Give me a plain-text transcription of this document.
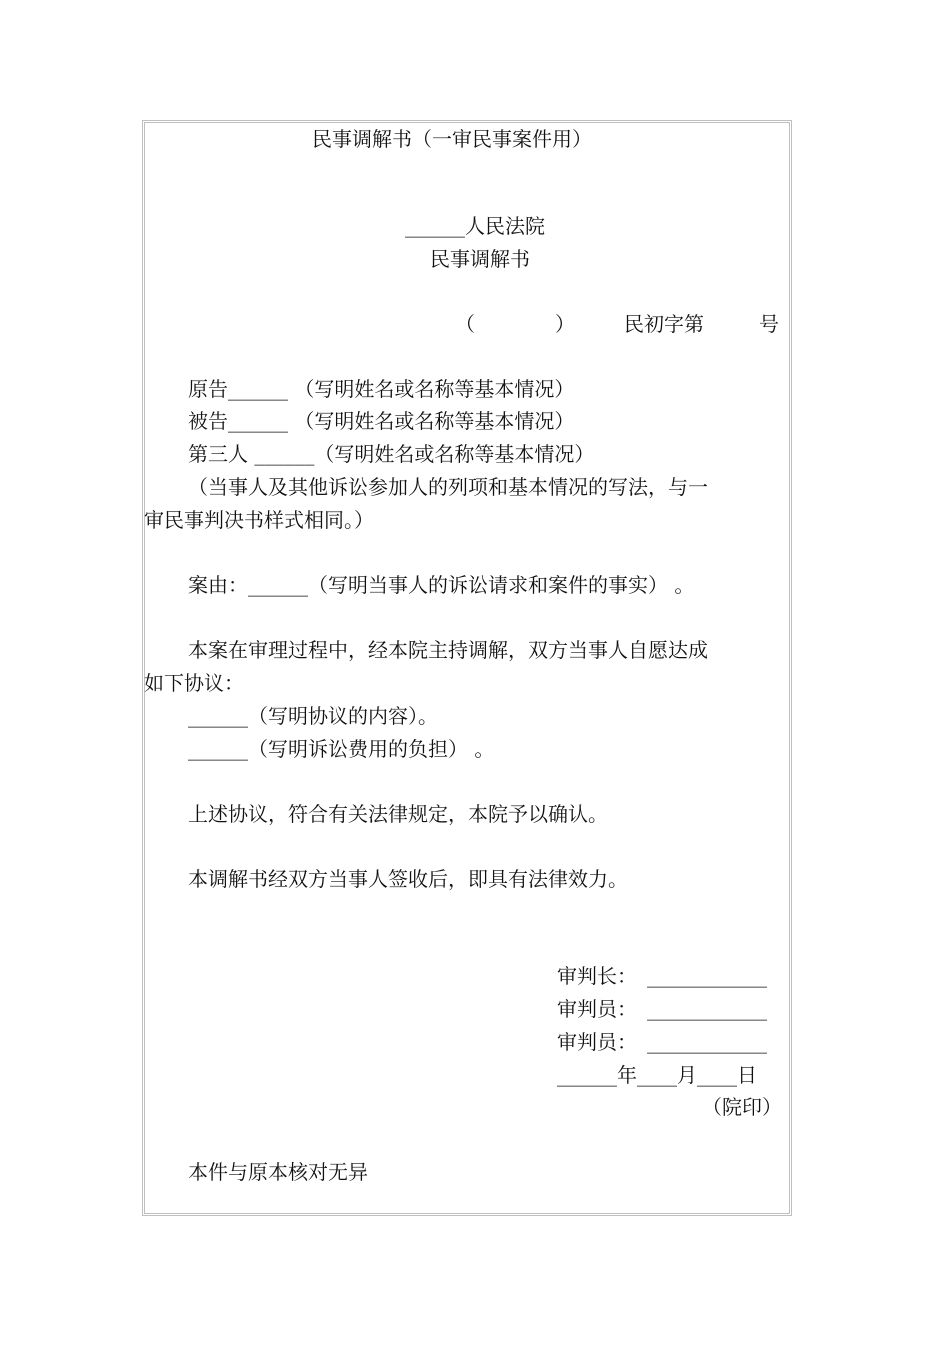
民事调解书（一审民事案件用）
______人民法院
民事调解书
（	） 民初字第	号
原告______ （写明姓名或名称等基本情况）
被告______ （写明姓名或名称等基本情况）
第三人 ______（写明姓名或名称等基本情况）
（当事人及其他诉讼参加人的列项和基本情况的写法，与一
审民事判决书样式相同。）
案由：______（写明当事人的诉讼请求和案件的事实） 。
本案在审理过程中，经本院主持调解，双方当事人自愿达成
如下协议：
______（写明协议的内容）。
______（写明诉讼费用的负担） 。
上述协议，符合有关法律规定，本院予以确认。
本调解书经双方当事人签收后，即具有法律效力。
审判长： ____________
审判员： ____________
审判员： ____________
______年____月____日
（院印）
本件与原本核对无异
